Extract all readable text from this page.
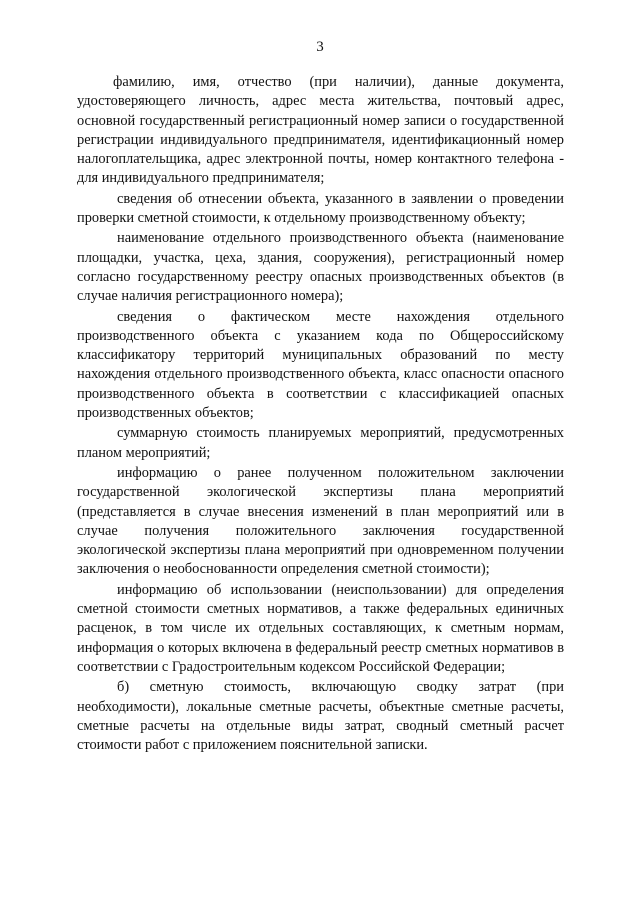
3

фамилию, имя, отчество (при наличии), данные документа, удостоверяющего личность, адрес места жительства, почтовый адрес, основной государственный регистрационный номер записи о государственной регистрации индивидуального предпринимателя, идентификационный номер налогоплательщика, адрес электронной почты, номер контактного телефона - для индивидуального предпринимателя;

сведения об отнесении объекта, указанного в заявлении о проведении проверки сметной стоимости, к отдельному производственному объекту;

наименование отдельного производственного объекта (наименование площадки, участка, цеха, здания, сооружения), регистрационный номер согласно государственному реестру опасных производственных объектов (в случае наличия регистрационного номера);

сведения о фактическом месте нахождения отдельного производственного объекта с указанием кода по Общероссийскому классификатору территорий муниципальных образований по месту нахождения отдельного производственного объекта, класс опасности опасного производственного объекта в соответствии с классификацией опасных производственных объектов;

суммарную стоимость планируемых мероприятий, предусмотренных планом мероприятий;

информацию о ранее полученном положительном заключении государственной экологической экспертизы плана мероприятий (представляется в случае внесения изменений в план мероприятий или в случае получения положительного заключения государственной экологической экспертизы плана мероприятий при одновременном получении заключения о необоснованности определения сметной стоимости);

информацию об использовании (неиспользовании) для определения сметной стоимости сметных нормативов, а также федеральных единичных расценок, в том числе их отдельных составляющих, к сметным нормам, информация о которых включена в федеральный реестр сметных нормативов в соответствии с Градостроительным кодексом Российской Федерации;

б) сметную стоимость, включающую сводку затрат (при необходимости), локальные сметные расчеты, объектные сметные расчеты, сметные расчеты на отдельные виды затрат, сводный сметный расчет стоимости работ с приложением пояснительной записки.
